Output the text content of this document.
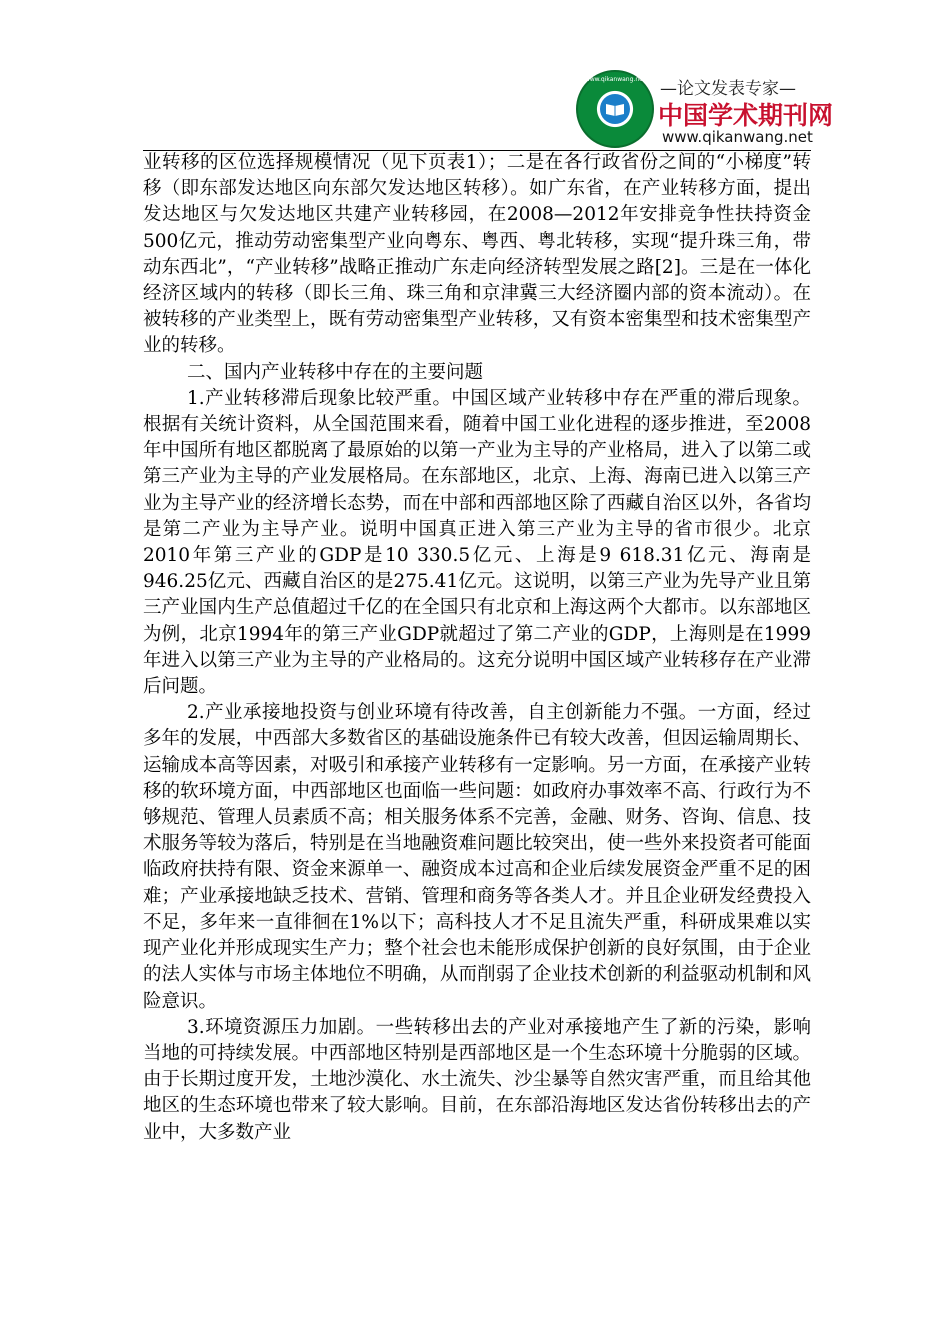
www.qikanwang.net —论文发表专家—
中国学术期刊网
www.qikanwang.net

业转移的区位选择规模情况（见下页表1）；二是在各行政省份之间的“小梯度”转移（即东部发达地区向东部欠发达地区转移）。如广东省，在产业转移方面，提出发达地区与欠发达地区共建产业转移园，在2008—2012年安排竞争性扶持资金500亿元，推动劳动密集型产业向粤东、粤西、粤北转移，实现“提升珠三角，带动东西北”，“产业转移”战略正推动广东走向经济转型发展之路[2]。三是在一体化经济区域内的转移（即长三角、珠三角和京津冀三大经济圈内部的资本流动）。在被转移的产业类型上，既有劳动密集型产业转移，又有资本密集型和技术密集型产业的转移。

二、国内产业转移中存在的主要问题

1.产业转移滞后现象比较严重。中国区域产业转移中存在严重的滞后现象。根据有关统计资料，从全国范围来看，随着中国工业化进程的逐步推进，至2008年中国所有地区都脱离了最原始的以第一产业为主导的产业格局，进入了以第二或第三产业为主导的产业发展格局。在东部地区，北京、上海、海南已进入以第三产业为主导产业的经济增长态势，而在中部和西部地区除了西藏自治区以外，各省均是第二产业为主导产业。说明中国真正进入第三产业为主导的省市很少。北京2010年第三产业的GDP是10 330.5亿元、上海是9 618.31亿元、海南是946.25亿元、西藏自治区的是275.41亿元。这说明，以第三产业为先导产业且第三产业国内生产总值超过千亿的在全国只有北京和上海这两个大都市。以东部地区为例，北京1994年的第三产业GDP就超过了第二产业的GDP，上海则是在1999年进入以第三产业为主导的产业格局的。这充分说明中国区域产业转移存在产业滞后问题。

2.产业承接地投资与创业环境有待改善，自主创新能力不强。一方面，经过多年的发展，中西部大多数省区的基础设施条件已有较大改善，但因运输周期长、运输成本高等因素，对吸引和承接产业转移有一定影响。另一方面，在承接产业转移的软环境方面，中西部地区也面临一些问题：如政府办事效率不高、行政行为不够规范、管理人员素质不高；相关服务体系不完善，金融、财务、咨询、信息、技术服务等较为落后，特别是在当地融资难问题比较突出，使一些外来投资者可能面临政府扶持有限、资金来源单一、融资成本过高和企业后续发展资金严重不足的困难；产业承接地缺乏技术、营销、管理和商务等各类人才。并且企业研发经费投入不足，多年来一直徘徊在1%以下；高科技人才不足且流失严重，科研成果难以实现产业化并形成现实生产力；整个社会也未能形成保护创新的良好氛围，由于企业的法人实体与市场主体地位不明确，从而削弱了企业技术创新的利益驱动机制和风险意识。

3.环境资源压力加剧。一些转移出去的产业对承接地产生了新的污染，影响当地的可持续发展。中西部地区特别是西部地区是一个生态环境十分脆弱的区域。由于长期过度开发，土地沙漠化、水土流失、沙尘暴等自然灾害严重，而且给其他地区的生态环境也带来了较大影响。目前，在东部沿海地区发达省份转移出去的产业中，大多数产业
